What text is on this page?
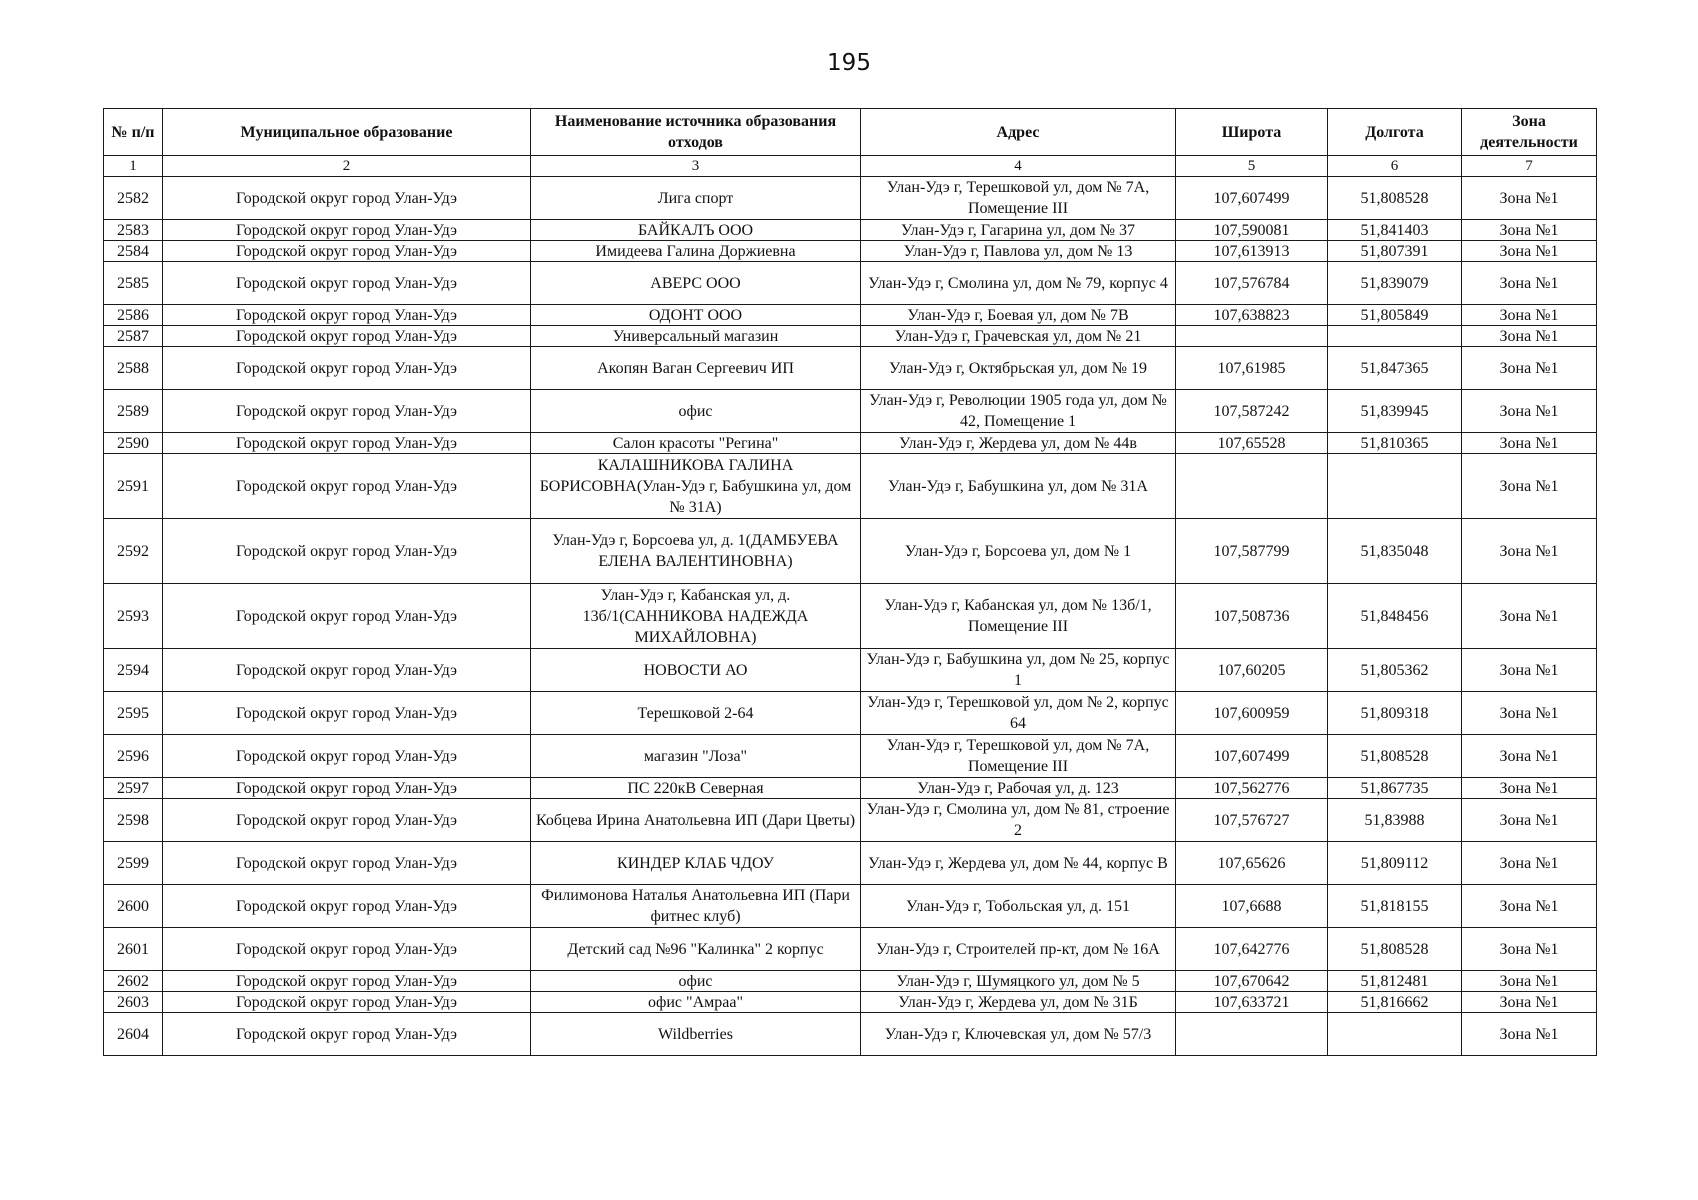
195
№ п/п	Муниципальное образование	Наименование источника образования отходов	Адрес	Широта	Долгота	Зона деятельности
1	2	3	4	5	6	7
2582	Городской округ город Улан-Удэ	Лига спорт	Улан-Удэ г, Терешковой ул, дом № 7А, Помещение III	107,607499	51,808528	Зона №1
2583	Городской округ город Улан-Удэ	БАЙКАЛЪ ООО	Улан-Удэ г, Гагарина ул, дом № 37	107,590081	51,841403	Зона №1
2584	Городской округ город Улан-Удэ	Имидеева Галина Доржиевна	Улан-Удэ г, Павлова ул, дом № 13	107,613913	51,807391	Зона №1
2585	Городской округ город Улан-Удэ	АВЕРС ООО	Улан-Удэ г, Смолина ул, дом № 79, корпус 4	107,576784	51,839079	Зона №1
2586	Городской округ город Улан-Удэ	ОДОНТ ООО	Улан-Удэ г, Боевая ул, дом № 7В	107,638823	51,805849	Зона №1
2587	Городской округ город Улан-Удэ	Универсальный магазин	Улан-Удэ г, Грачевская ул, дом № 21			Зона №1
2588	Городской округ город Улан-Удэ	Акопян Ваган Сергеевич ИП	Улан-Удэ г, Октябрьская ул, дом № 19	107,61985	51,847365	Зона №1
2589	Городской округ город Улан-Удэ	офис	Улан-Удэ г, Революции 1905 года ул, дом № 42, Помещение 1	107,587242	51,839945	Зона №1
2590	Городской округ город Улан-Удэ	Салон красоты "Регина"	Улан-Удэ г, Жердева ул, дом № 44в	107,65528	51,810365	Зона №1
2591	Городской округ город Улан-Удэ	КАЛАШНИКОВА ГАЛИНА БОРИСОВНА(Улан-Удэ г, Бабушкина ул, дом № 31А)	Улан-Удэ г, Бабушкина ул, дом № 31А			Зона №1
2592	Городской округ город Улан-Удэ	Улан-Удэ г, Борсоева ул, д. 1(ДАМБУЕВА ЕЛЕНА ВАЛЕНТИНОВНА)	Улан-Удэ г, Борсоева ул, дом № 1	107,587799	51,835048	Зона №1
2593	Городской округ город Улан-Удэ	Улан-Удэ г, Кабанская ул, д. 13б/1(САННИКОВА НАДЕЖДА МИХАЙЛОВНА)	Улан-Удэ г, Кабанская ул, дом № 13б/1, Помещение III	107,508736	51,848456	Зона №1
2594	Городской округ город Улан-Удэ	НОВОСТИ АО	Улан-Удэ г, Бабушкина ул, дом № 25, корпус 1	107,60205	51,805362	Зона №1
2595	Городской округ город Улан-Удэ	Терешковой 2-64	Улан-Удэ г, Терешковой ул, дом № 2, корпус 64	107,600959	51,809318	Зона №1
2596	Городской округ город Улан-Удэ	магазин "Лоза"	Улан-Удэ г, Терешковой ул, дом № 7А, Помещение III	107,607499	51,808528	Зона №1
2597	Городской округ город Улан-Удэ	ПС 220кВ Северная	Улан-Удэ г, Рабочая ул, д. 123	107,562776	51,867735	Зона №1
2598	Городской округ город Улан-Удэ	Кобцева Ирина Анатольевна ИП (Дари Цветы)	Улан-Удэ г, Смолина ул, дом № 81, строение 2	107,576727	51,83988	Зона №1
2599	Городской округ город Улан-Удэ	КИНДЕР КЛАБ ЧДОУ	Улан-Удэ г, Жердева ул, дом № 44, корпус В	107,65626	51,809112	Зона №1
2600	Городской округ город Улан-Удэ	Филимонова Наталья Анатольевна ИП (Пари фитнес клуб)	Улан-Удэ г, Тобольская ул, д. 151	107,6688	51,818155	Зона №1
2601	Городской округ город Улан-Удэ	Детский сад №96 "Калинка" 2 корпус	Улан-Удэ г, Строителей пр-кт, дом № 16А	107,642776	51,808528	Зона №1
2602	Городской округ город Улан-Удэ	офис	Улан-Удэ г, Шумяцкого ул, дом № 5	107,670642	51,812481	Зона №1
2603	Городской округ город Улан-Удэ	офис "Амраа"	Улан-Удэ г, Жердева ул, дом № 31Б	107,633721	51,816662	Зона №1
2604	Городской округ город Улан-Удэ	Wildberries	Улан-Удэ г, Ключевская ул, дом № 57/3			Зона №1
